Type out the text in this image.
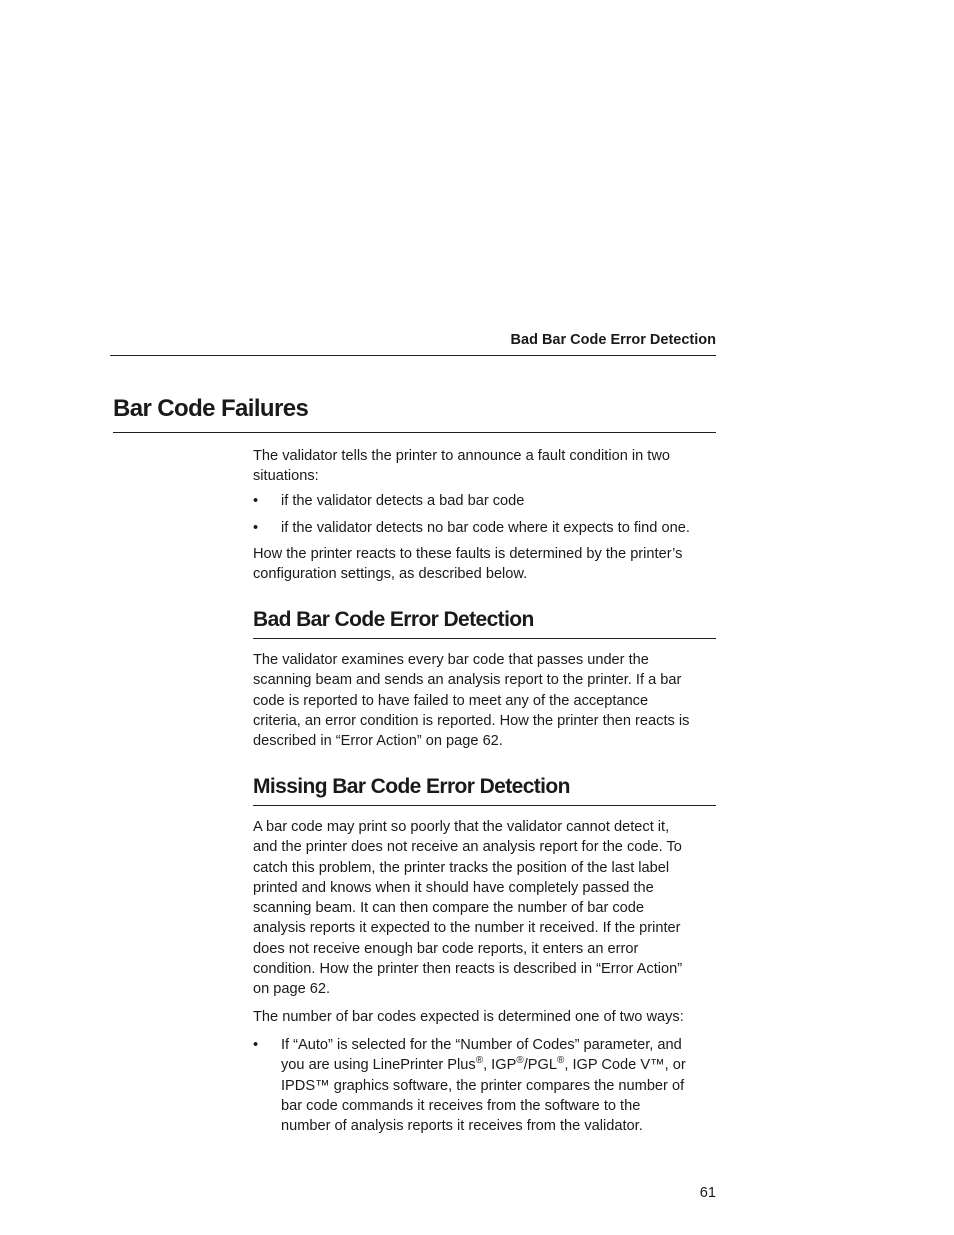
Bad Bar Code Error Detection
Bar Code Failures

The validator tells the printer to announce a fault condition in two
situations:

• if the validator detects a bad bar code
• if the validator detects no bar code where it expects to find one.

How the printer reacts to these faults is determined by the printer’s
configuration settings, as described below.

Bad Bar Code Error Detection

The validator examines every bar code that passes under the
scanning beam and sends an analysis report to the printer. If a bar
code is reported to have failed to meet any of the acceptance
criteria, an error condition is reported. How the printer then reacts is
described in “Error Action” on page 62.

Missing Bar Code Error Detection

A bar code may print so poorly that the validator cannot detect it,
and the printer does not receive an analysis report for the code. To
catch this problem, the printer tracks the position of the last label
printed and knows when it should have completely passed the
scanning beam. It can then compare the number of bar code
analysis reports it expected to the number it received. If the printer
does not receive enough bar code reports, it enters an error
condition. How the printer then reacts is described in “Error Action”
on page 62.

The number of bar codes expected is determined one of two ways:

• If “Auto” is selected for the “Number of Codes” parameter, and
you are using LinePrinter Plus®, IGP®/PGL®, IGP Code V™, or
IPDS™ graphics software, the printer compares the number of
bar code commands it receives from the software to the
number of analysis reports it receives from the validator.
61
